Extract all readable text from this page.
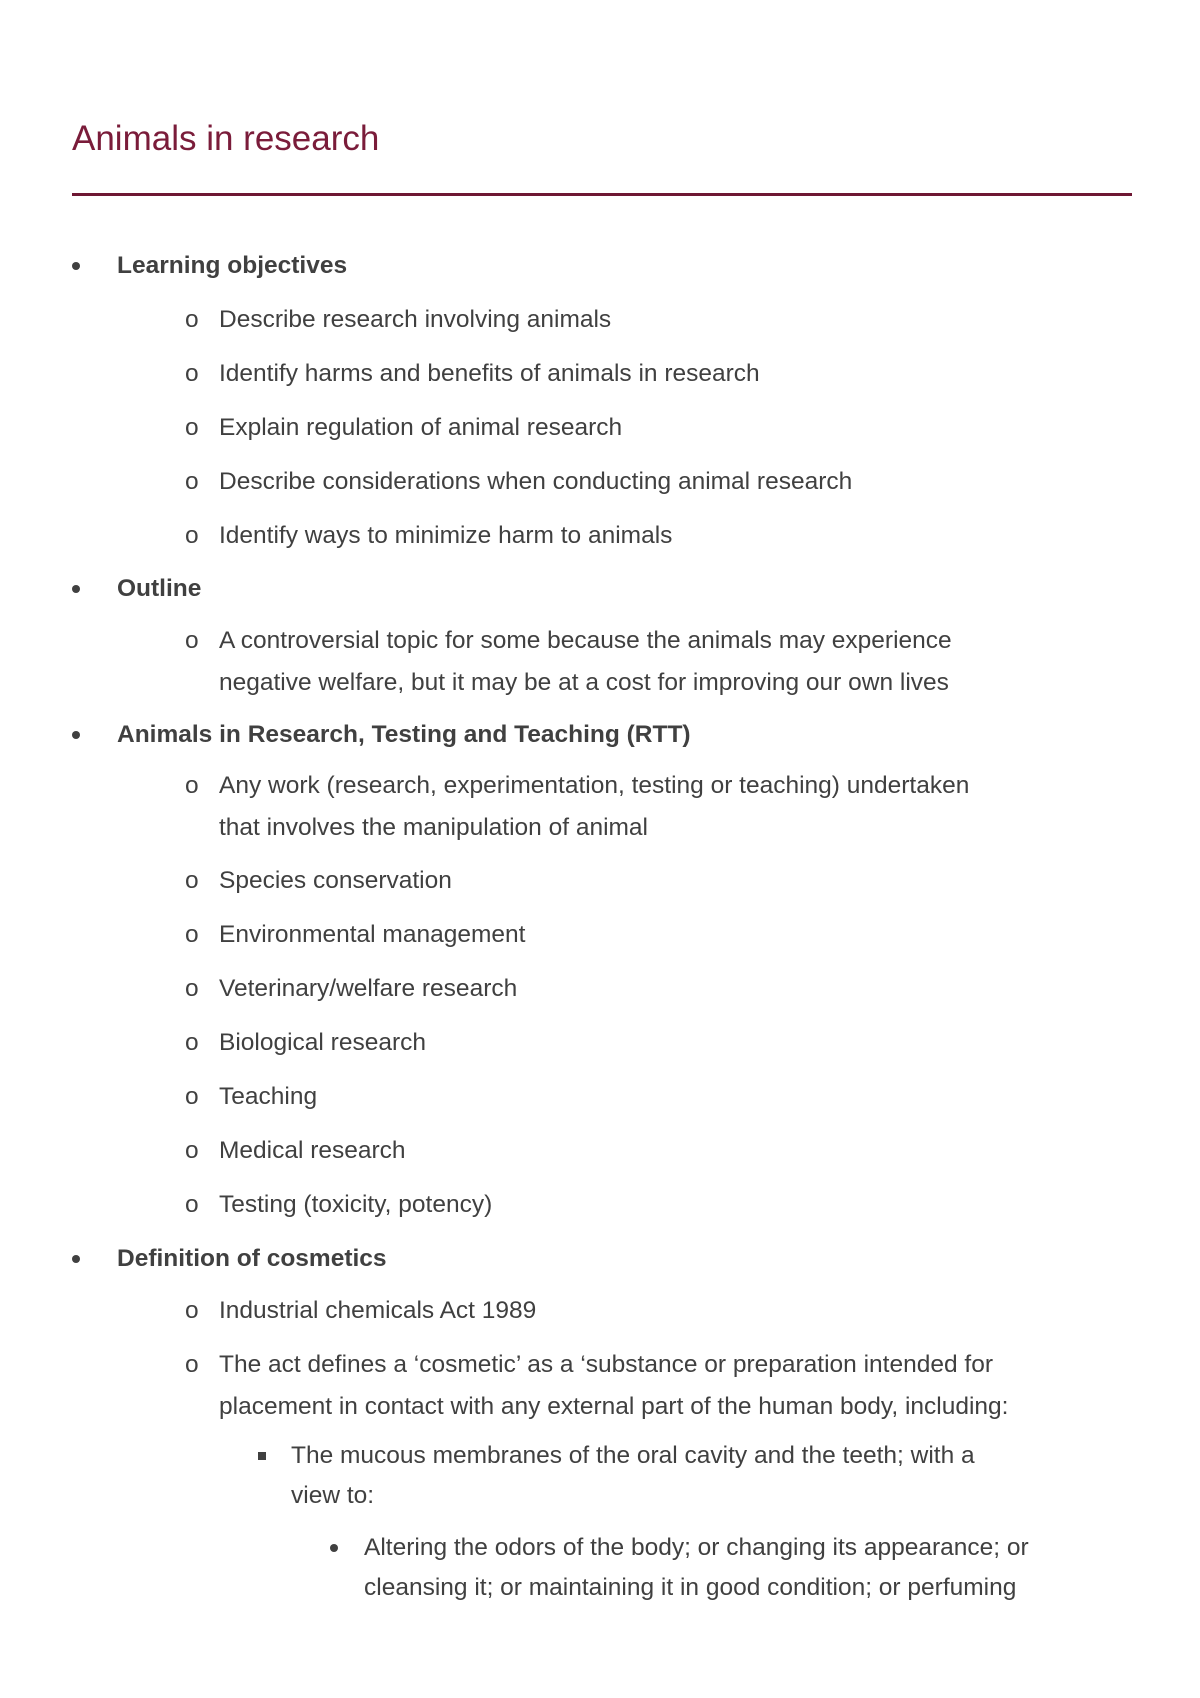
Animals in research
Learning objectives
o Describe research involving animals
o Identify harms and benefits of animals in research
o Explain regulation of animal research
o Describe considerations when conducting animal research
o Identify ways to minimize harm to animals
Outline
o A controversial topic for some because the animals may experience
negative welfare, but it may be at a cost for improving our own lives
Animals in Research, Testing and Teaching (RTT)
o Any work (research, experimentation, testing or teaching) undertaken
that involves the manipulation of animal
o Species conservation
o Environmental management
o Veterinary/welfare research
o Biological research
o Teaching
o Medical research
o Testing (toxicity, potency)
Definition of cosmetics
o Industrial chemicals Act 1989
o The act defines a ‘cosmetic’ as a ‘substance or preparation intended for
placement in contact with any external part of the human body, including:
The mucous membranes of the oral cavity and the teeth; with a
view to:
Altering the odors of the body; or changing its appearance; or
cleansing it; or maintaining it in good condition; or perfuming
